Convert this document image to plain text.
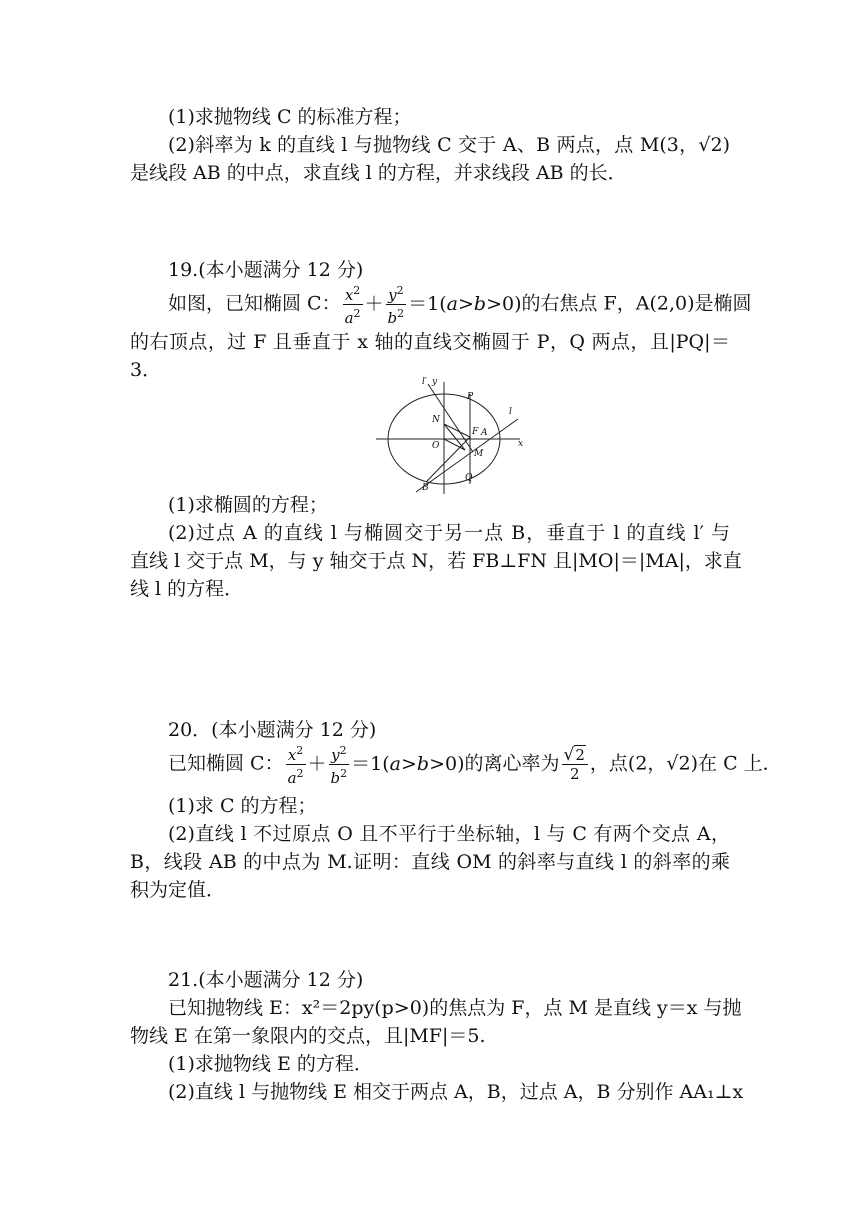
(1)求抛物线 C 的标准方程；
(2)斜率为 k 的直线 l 与抛物线 C 交于 A、B 两点，点 M(3，√2)
是线段 AB 的中点，求直线 l 的方程，并求线段 AB 的长．
19.(本小题满分 12 分)
如图，已知椭圆 C： $\frac{x^2}{a^2} + \frac{y^2}{b^2} =1(a>b>0)$的右焦点 F，A(2,0)是椭圆
的右顶点，过 F 且垂直于 x 轴的直线交椭圆于 P，Q 两点，且|PQ|＝
3．
l′ y
P
l
N
F A
x
O
M
Q
B
(1)求椭圆的方程；
(2)过点 A 的直线 l 与椭圆交于另一点 B，垂直于 l 的直线 l′ 与
直线 l 交于点 M，与 y 轴交于点 N，若 FB⊥FN 且|MO|＝|MA|，求直
线 l 的方程．
20．(本小题满分 12 分)
已知椭圆 C： $\frac{x^2}{a^2} + \frac{y^2}{b^2} =1(a>b>0)$的离心率为 $\frac{√2}{2}$ ，点(2，√2)在 C 上．
(1)求 C 的方程；
(2)直线 l 不过原点 O 且不平行于坐标轴，l 与 C 有两个交点 A，
B，线段 AB 的中点为 M.证明：直线 OM 的斜率与直线 l 的斜率的乘
积为定值．
21.(本小题满分 12 分)
已知抛物线 E：x²＝2py(p>0)的焦点为 F，点 M 是直线 y＝x 与抛
物线 E 在第一象限内的交点，且|MF|＝5.
(1)求抛物线 E 的方程．
(2)直线 l 与抛物线 E 相交于两点 A，B，过点 A，B 分别作 AA₁⊥x
